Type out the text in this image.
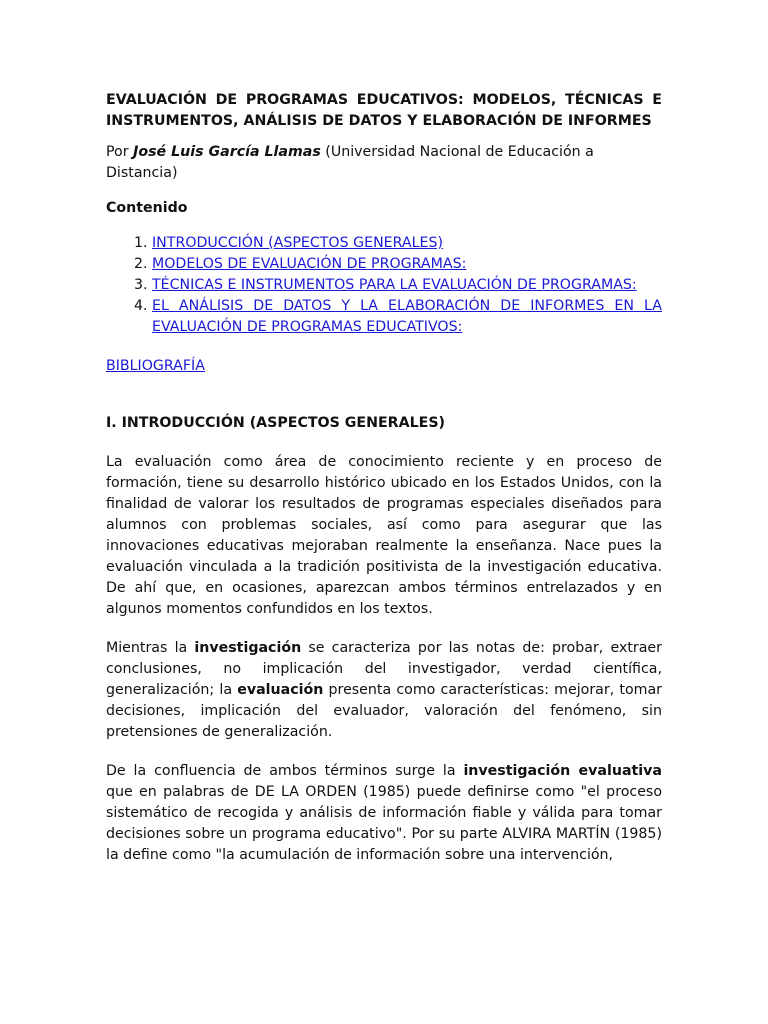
EVALUACIÓN DE PROGRAMAS EDUCATIVOS: MODELOS, TÉCNICAS E INSTRUMENTOS, ANÁLISIS DE DATOS Y ELABORACIÓN DE INFORMES
Por José Luis García Llamas (Universidad Nacional de Educación a Distancia)
Contenido
1. INTRODUCCIÓN (ASPECTOS GENERALES)
2. MODELOS DE EVALUACIÓN DE PROGRAMAS:
3. TÉCNICAS E INSTRUMENTOS PARA LA EVALUACIÓN DE PROGRAMAS:
4. EL ANÁLISIS DE DATOS Y LA ELABORACIÓN DE INFORMES EN LA EVALUACIÓN DE PROGRAMAS EDUCATIVOS:
BIBLIOGRAFÍA
I. INTRODUCCIÓN (ASPECTOS GENERALES)

La evaluación como área de conocimiento reciente y en proceso de formación, tiene su desarrollo histórico ubicado en los Estados Unidos, con la finalidad de valorar los resultados de programas especiales diseñados para alumnos con problemas sociales, así como para asegurar que las innovaciones educativas mejoraban realmente la enseñanza. Nace pues la evaluación vinculada a la tradición positivista de la investigación educativa. De ahí que, en ocasiones, aparezcan ambos términos entrelazados y en algunos momentos confundidos en los textos.

Mientras la investigación se caracteriza por las notas de: probar, extraer conclusiones, no implicación del investigador, verdad científica, generalización; la evaluación presenta como características: mejorar, tomar decisiones, implicación del evaluador, valoración del fenómeno, sin pretensiones de generalización.

De la confluencia de ambos términos surge la investigación evaluativa que en palabras de DE LA ORDEN (1985) puede definirse como "el proceso sistemático de recogida y análisis de información fiable y válida para tomar decisiones sobre un programa educativo". Por su parte ALVIRA MARTÍN (1985) la define como "la acumulación de información sobre una intervención,
